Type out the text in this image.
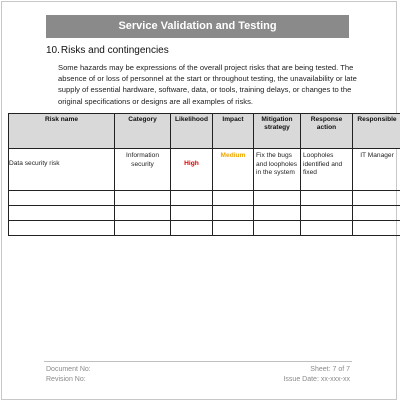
Service Validation and Testing
10.Risks and contingencies
Some hazards may be expressions of the overall project risks that are being tested. The absence of or loss of personnel at the start or throughout testing, the unavailability or late supply of essential hardware, software, data, or tools, training delays, or changes to the original specifications or designs are all examples of risks.
Risk name	Category	Likelihood	Impact	Mitigation strategy	Response action	Responsible
Data security risk	Information security	High	Medium	Fix the bugs and loopholes in the system	Loopholes identified and fixed	IT Manager

Document No:
Revision No:
Sheet: 7 of 7
Issue Date: xx-xxx-xx
